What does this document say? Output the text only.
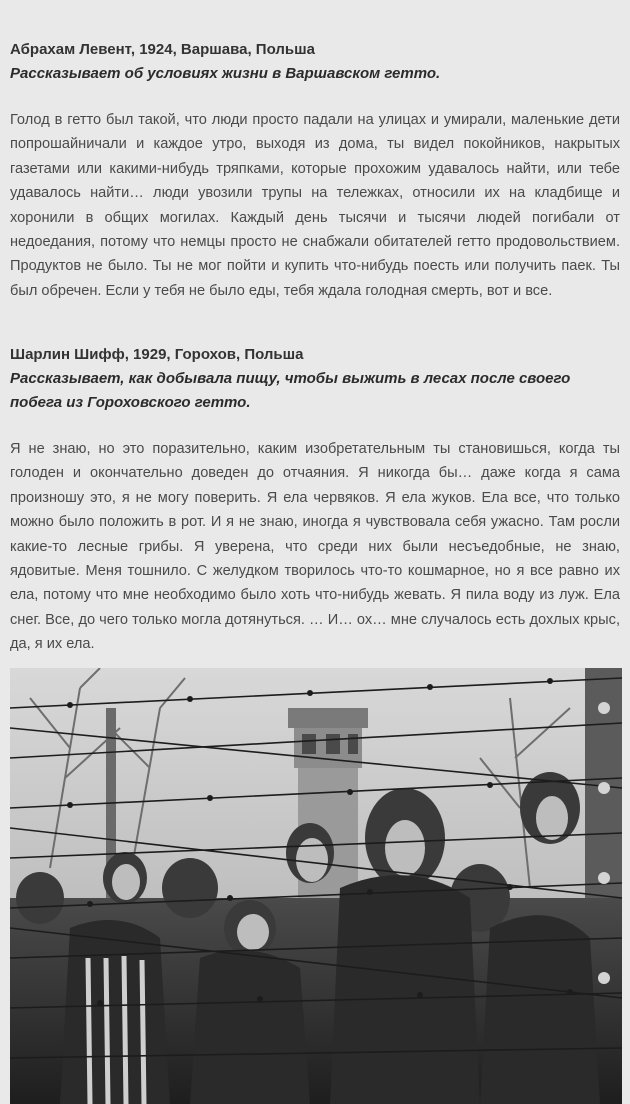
Абрахам Левент, 1924, Варшава, Польша
Рассказывает об условиях жизни в Варшавском гетто.
Голод в гетто был такой, что люди просто падали на улицах и умирали, маленькие дети попрошайничали и каждое утро, выходя из дома, ты видел покойников, накрытых газетами или какими-нибудь тряпками, которые прохожим удавалось найти, или тебе удавалось найти… люди увозили трупы на тележках, относили их на кладбище и хоронили в общих могилах. Каждый день тысячи и тысячи людей погибали от недоедания, потому что немцы просто не снабжали обитателей гетто продовольствием. Продуктов не было. Ты не мог пойти и купить что-нибудь поесть или получить паек. Ты был обречен. Если у тебя не было еды, тебя ждала голодная смерть, вот и все.
Шарлин Шифф, 1929, Горохов, Польша
Рассказывает, как добывала пищу, чтобы выжить в лесах после своего побега из Гороховского гетто.
Я не знаю, но это поразительно, каким изобретательным ты становишься, когда ты голоден и окончательно доведен до отчаяния. Я никогда бы… даже когда я сама произношу это, я не могу поверить. Я ела червяков. Я ела жуков. Ела все, что только можно было положить в рот. И я не знаю, иногда я чувствовала себя ужасно. Там росли какие-то лесные грибы. Я уверена, что среди них были несъедобные, не знаю, ядовитые. Меня тошнило. С желудком творилось что-то кошмарное, но я все равно их ела, потому что мне необходимо было хоть что-нибудь жевать. Я пила воду из луж. Ела снег. Все, до чего только могла дотянуться. … И… ох… мне случалось есть дохлых крыс, да, я их ела.
